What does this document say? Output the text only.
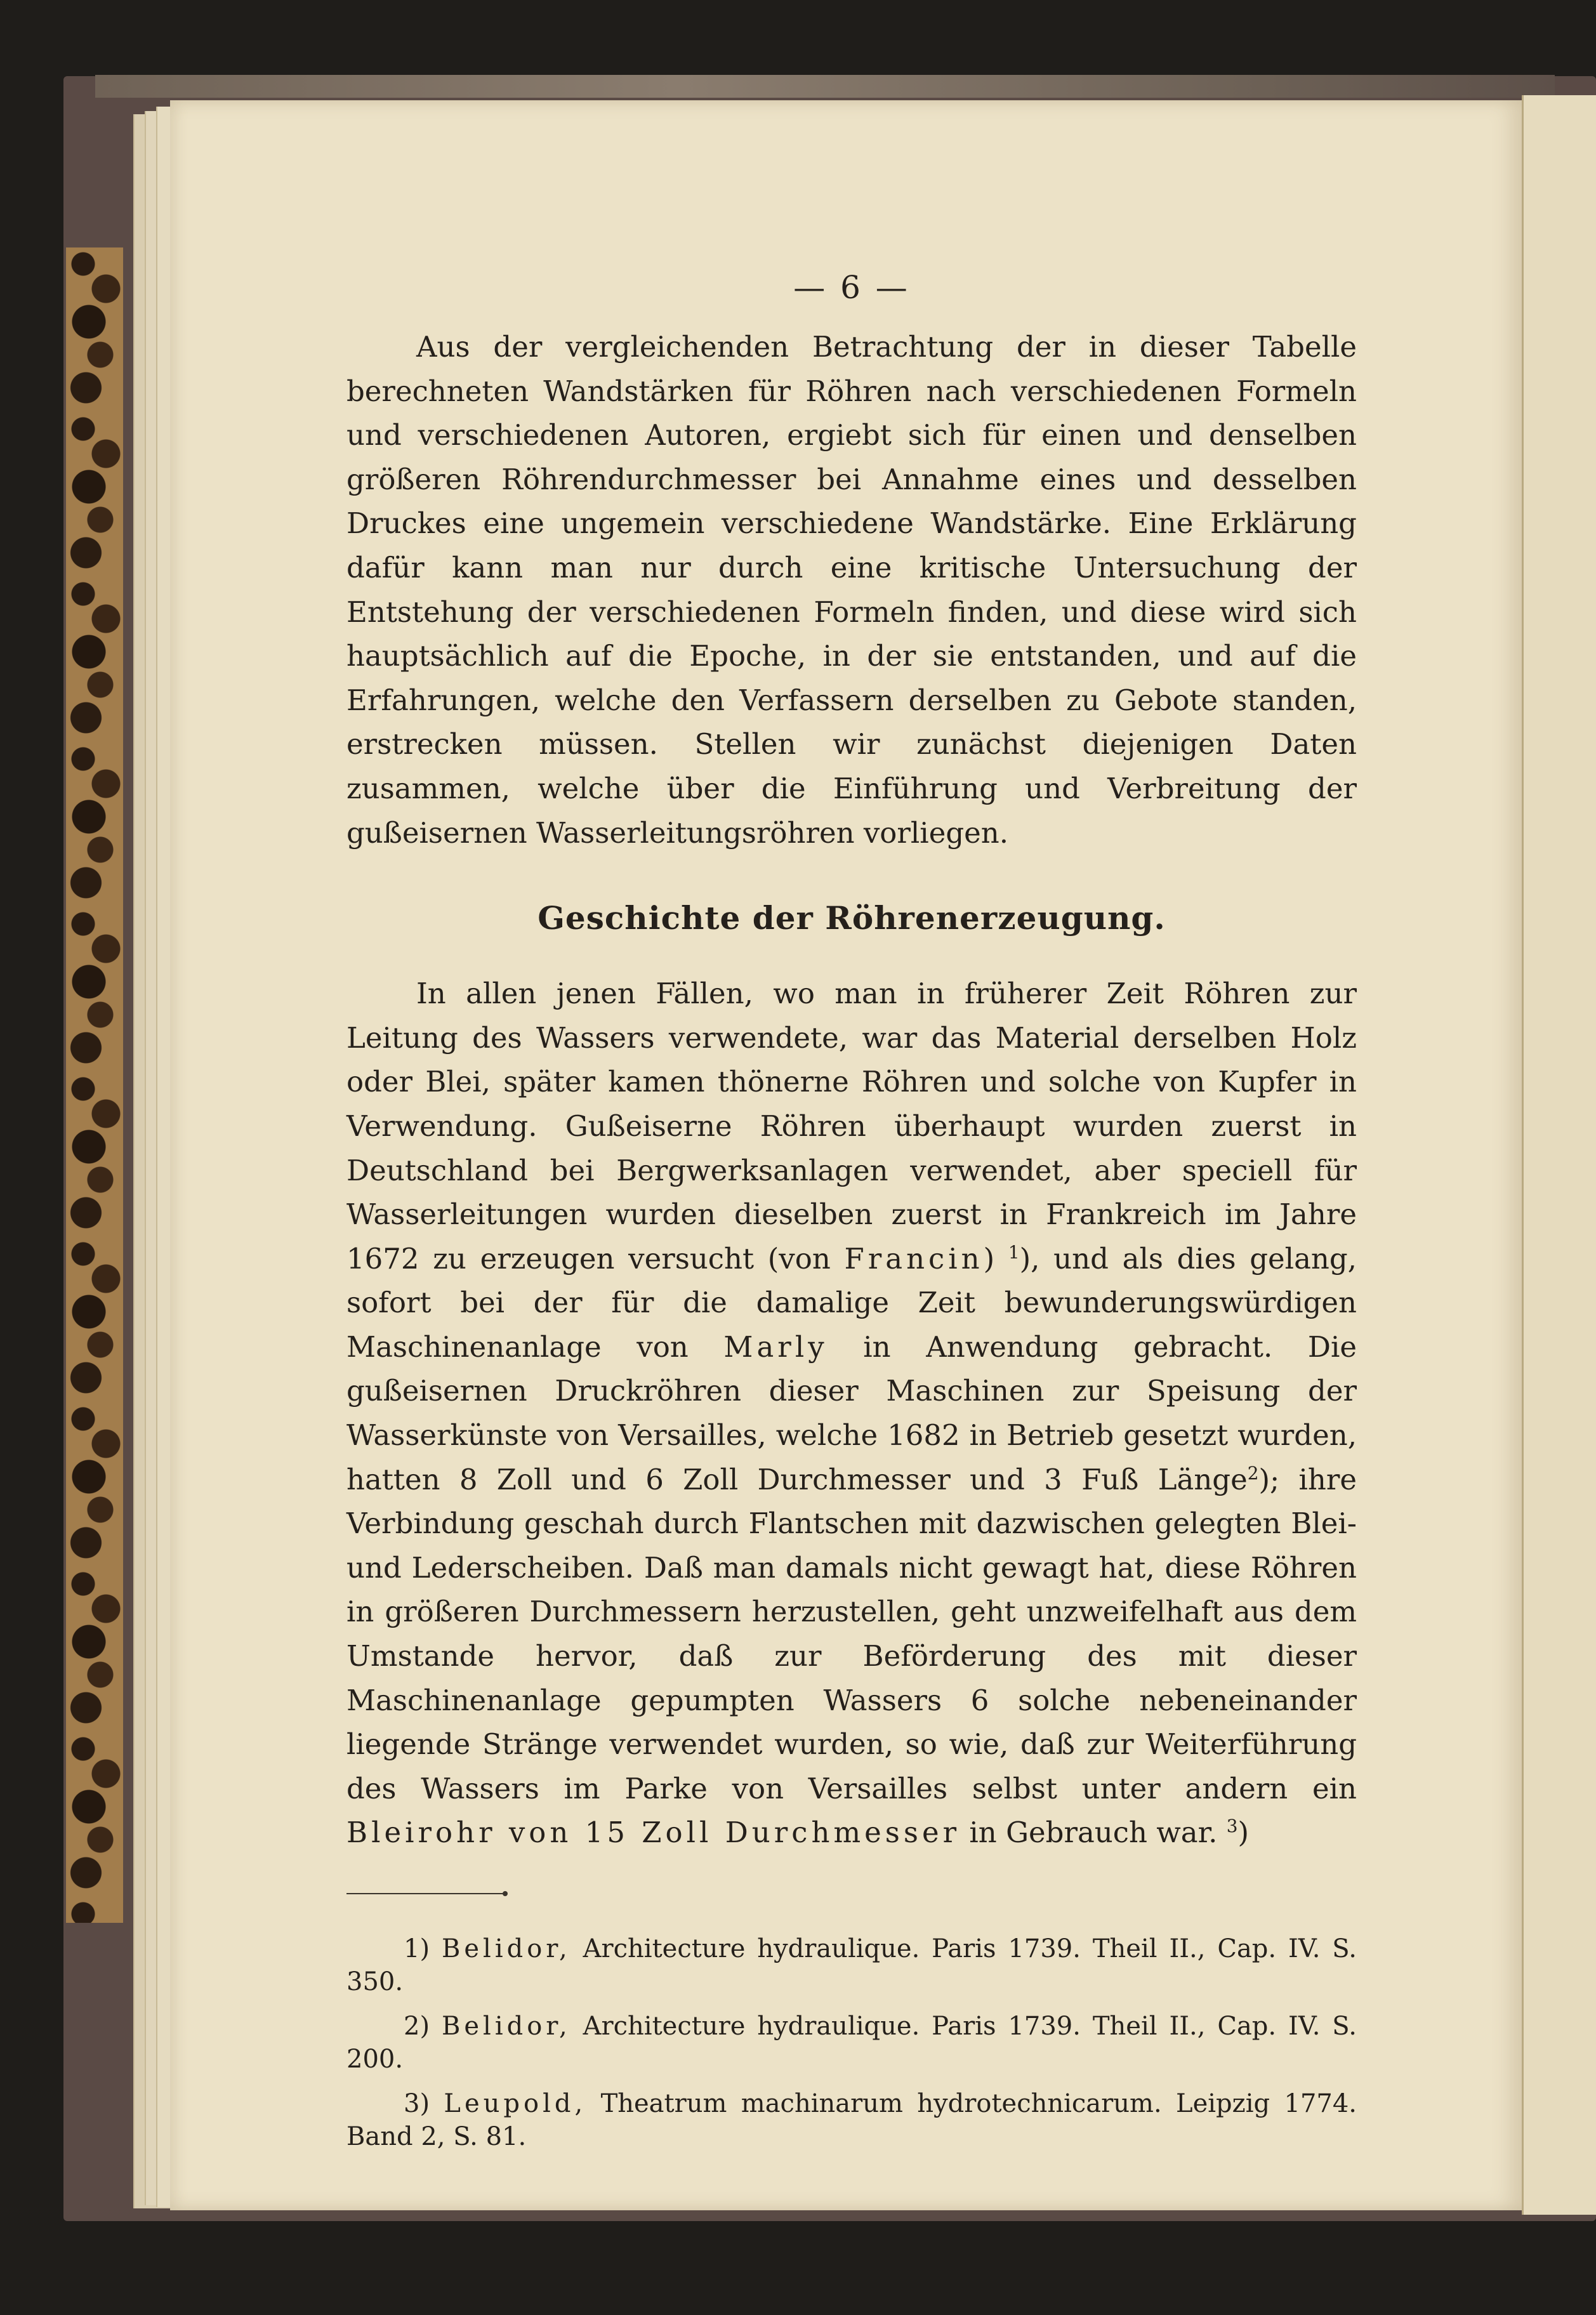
— 6 —

Aus der vergleichenden Betrachtung der in dieser Tabelle berechneten Wandstärken für Röhren nach verschiedenen Formeln und verschiedenen Autoren, ergiebt sich für einen und denselben größeren Röhrendurchmesser bei Annahme eines und desselben Druckes eine ungemein verschiedene Wandstärke. Eine Erklärung dafür kann man nur durch eine kritische Untersuchung der Entstehung der verschiedenen Formeln finden, und diese wird sich hauptsächlich auf die Epoche, in der sie entstanden, und auf die Erfahrungen, welche den Verfassern derselben zu Gebote standen, erstrecken müssen. Stellen wir zunächst diejenigen Daten zusammen, welche über die Einführung und Verbreitung der gußeisernen Wasserleitungsröhren vorliegen.

Geschichte der Röhrenerzeugung.

In allen jenen Fällen, wo man in früherer Zeit Röhren zur Leitung des Wassers verwendete, war das Material derselben Holz oder Blei, später kamen thönerne Röhren und solche von Kupfer in Verwendung. Gußeiserne Röhren überhaupt wurden zuerst in Deutschland bei Bergwerksanlagen verwendet, aber speciell für Wasserleitungen wurden dieselben zuerst in Frankreich im Jahre 1672 zu erzeugen versucht (von Francin) $^1$), und als dies gelang, sofort bei der für die damalige Zeit bewunderungswürdigen Maschinenanlage von Marly in Anwendung gebracht. Die gußeisernen Druckröhren dieser Maschinen zur Speisung der Wasserkünste von Versailles, welche 1682 in Betrieb gesetzt wurden, hatten 8 Zoll und 6 Zoll Durchmesser und 3 Fuß Länge$^2$); ihre Verbindung geschah durch Flantschen mit dazwischen gelegten Blei- und Lederscheiben. Daß man damals nicht gewagt hat, diese Röhren in größeren Durchmessern herzustellen, geht unzweifelhaft aus dem Umstande hervor, daß zur Beförderung des mit dieser Maschinenanlage gepumpten Wassers 6 solche nebeneinander liegende Stränge verwendet wurden, so wie, daß zur Weiterführung des Wassers im Parke von Versailles selbst unter andern ein Bleirohr von 15 Zoll Durchmesser in Gebrauch war. $^3$)

1) Belidor, Architecture hydraulique. Paris 1739. Theil II., Cap. IV. S. 350.

2) Belidor, Architecture hydraulique. Paris 1739. Theil II., Cap. IV. S. 200.

3) Leupold, Theatrum machinarum hydrotechnicarum. Leipzig 1774. Band 2, S. 81.
